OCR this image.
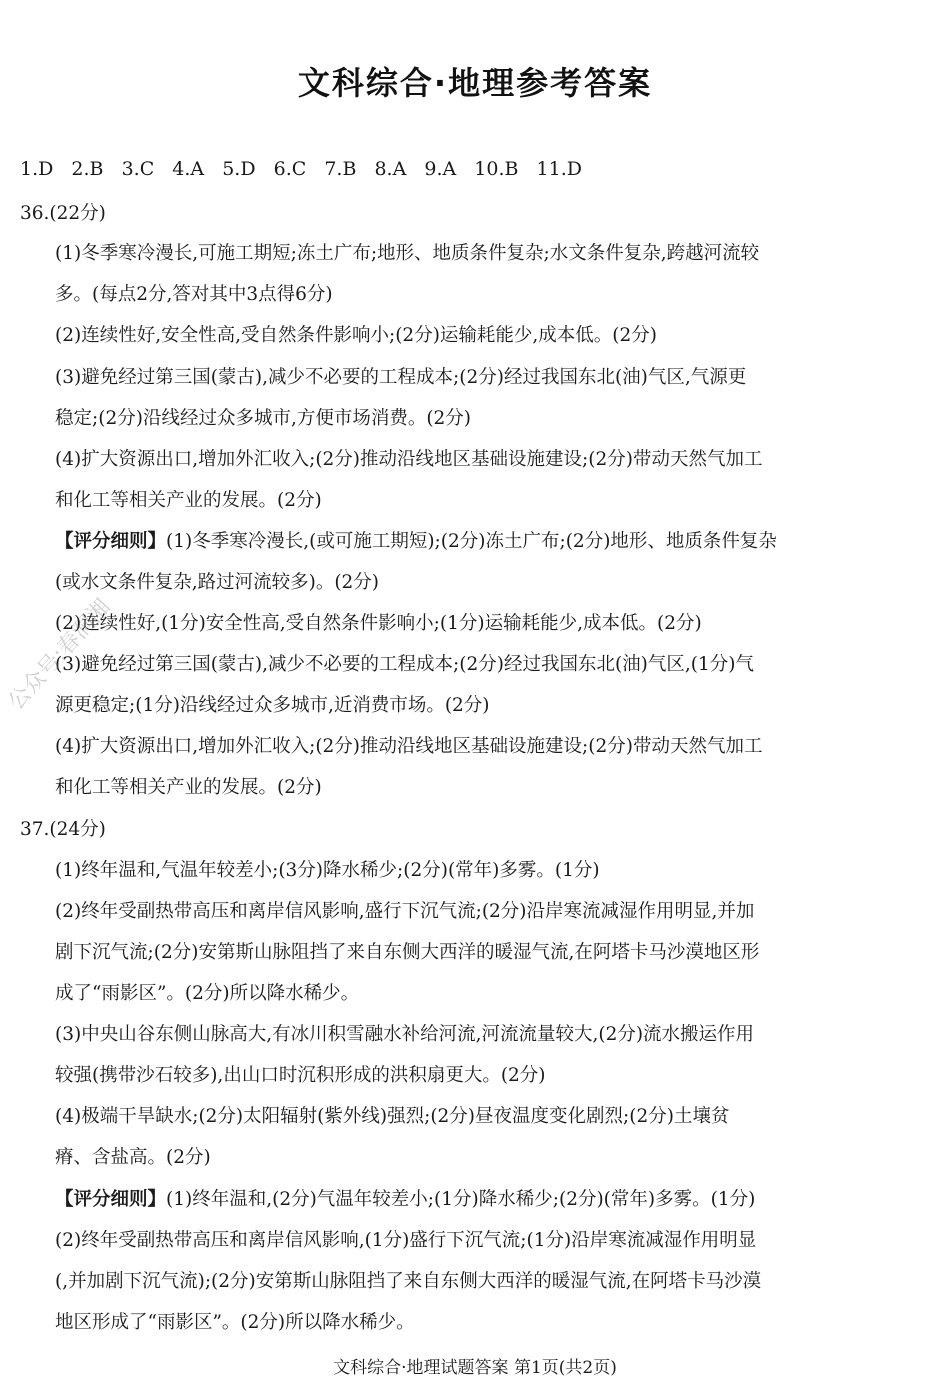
文科综合·地理参考答案
1.D 2.B 3.C 4.A 5.D 6.C 7.B 8.A 9.A 10.B 11.D
36.(22分)
(1)冬季寒冷漫长,可施工期短;冻土广布;地形、地质条件复杂;水文条件复杂,跨越河流较
多。(每点2分,答对其中3点得6分)
(2)连续性好,安全性高,受自然条件影响小;(2分)运输耗能少,成本低。(2分)
(3)避免经过第三国(蒙古),减少不必要的工程成本;(2分)经过我国东北(油)气区,气源更
稳定;(2分)沿线经过众多城市,方便市场消费。(2分)
(4)扩大资源出口,增加外汇收入;(2分)推动沿线地区基础设施建设;(2分)带动天然气加工
和化工等相关产业的发展。(2分)
【评分细则】(1)冬季寒冷漫长,(或可施工期短);(2分)冻土广布;(2分)地形、地质条件复杂
(或水文条件复杂,路过河流较多)。(2分)
(2)连续性好,(1分)安全性高,受自然条件影响小;(1分)运输耗能少,成本低。(2分)
(3)避免经过第三国(蒙古),减少不必要的工程成本;(2分)经过我国东北(油)气区,(1分)气
源更稳定;(1分)沿线经过众多城市,近消费市场。(2分)
(4)扩大资源出口,增加外汇收入;(2分)推动沿线地区基础设施建设;(2分)带动天然气加工
和化工等相关产业的发展。(2分)
37.(24分)
(1)终年温和,气温年较差小;(3分)降水稀少;(2分)(常年)多雾。(1分)
(2)终年受副热带高压和离岸信风影响,盛行下沉气流;(2分)沿岸寒流减湿作用明显,并加
剧下沉气流;(2分)安第斯山脉阻挡了来自东侧大西洋的暖湿气流,在阿塔卡马沙漠地区形
成了“雨影区”。(2分)所以降水稀少。
(3)中央山谷东侧山脉高大,有冰川积雪融水补给河流,河流流量较大,(2分)流水搬运作用
较强(携带沙石较多),出山口时沉积形成的洪积扇更大。(2分)
(4)极端干旱缺水;(2分)太阳辐射(紫外线)强烈;(2分)昼夜温度变化剧烈;(2分)土壤贫
瘠、含盐高。(2分)
【评分细则】(1)终年温和,(2分)气温年较差小;(1分)降水稀少;(2分)(常年)多雾。(1分)
(2)终年受副热带高压和离岸信风影响,(1分)盛行下沉气流;(1分)沿岸寒流减湿作用明显
(,并加剧下沉气流);(2分)安第斯山脉阻挡了来自东侧大西洋的暖湿气流,在阿塔卡马沙漠
地区形成了“雨影区”。(2分)所以降水稀少。
公众号:春洞湘
文科综合·地理试题答案 第1页(共2页)
